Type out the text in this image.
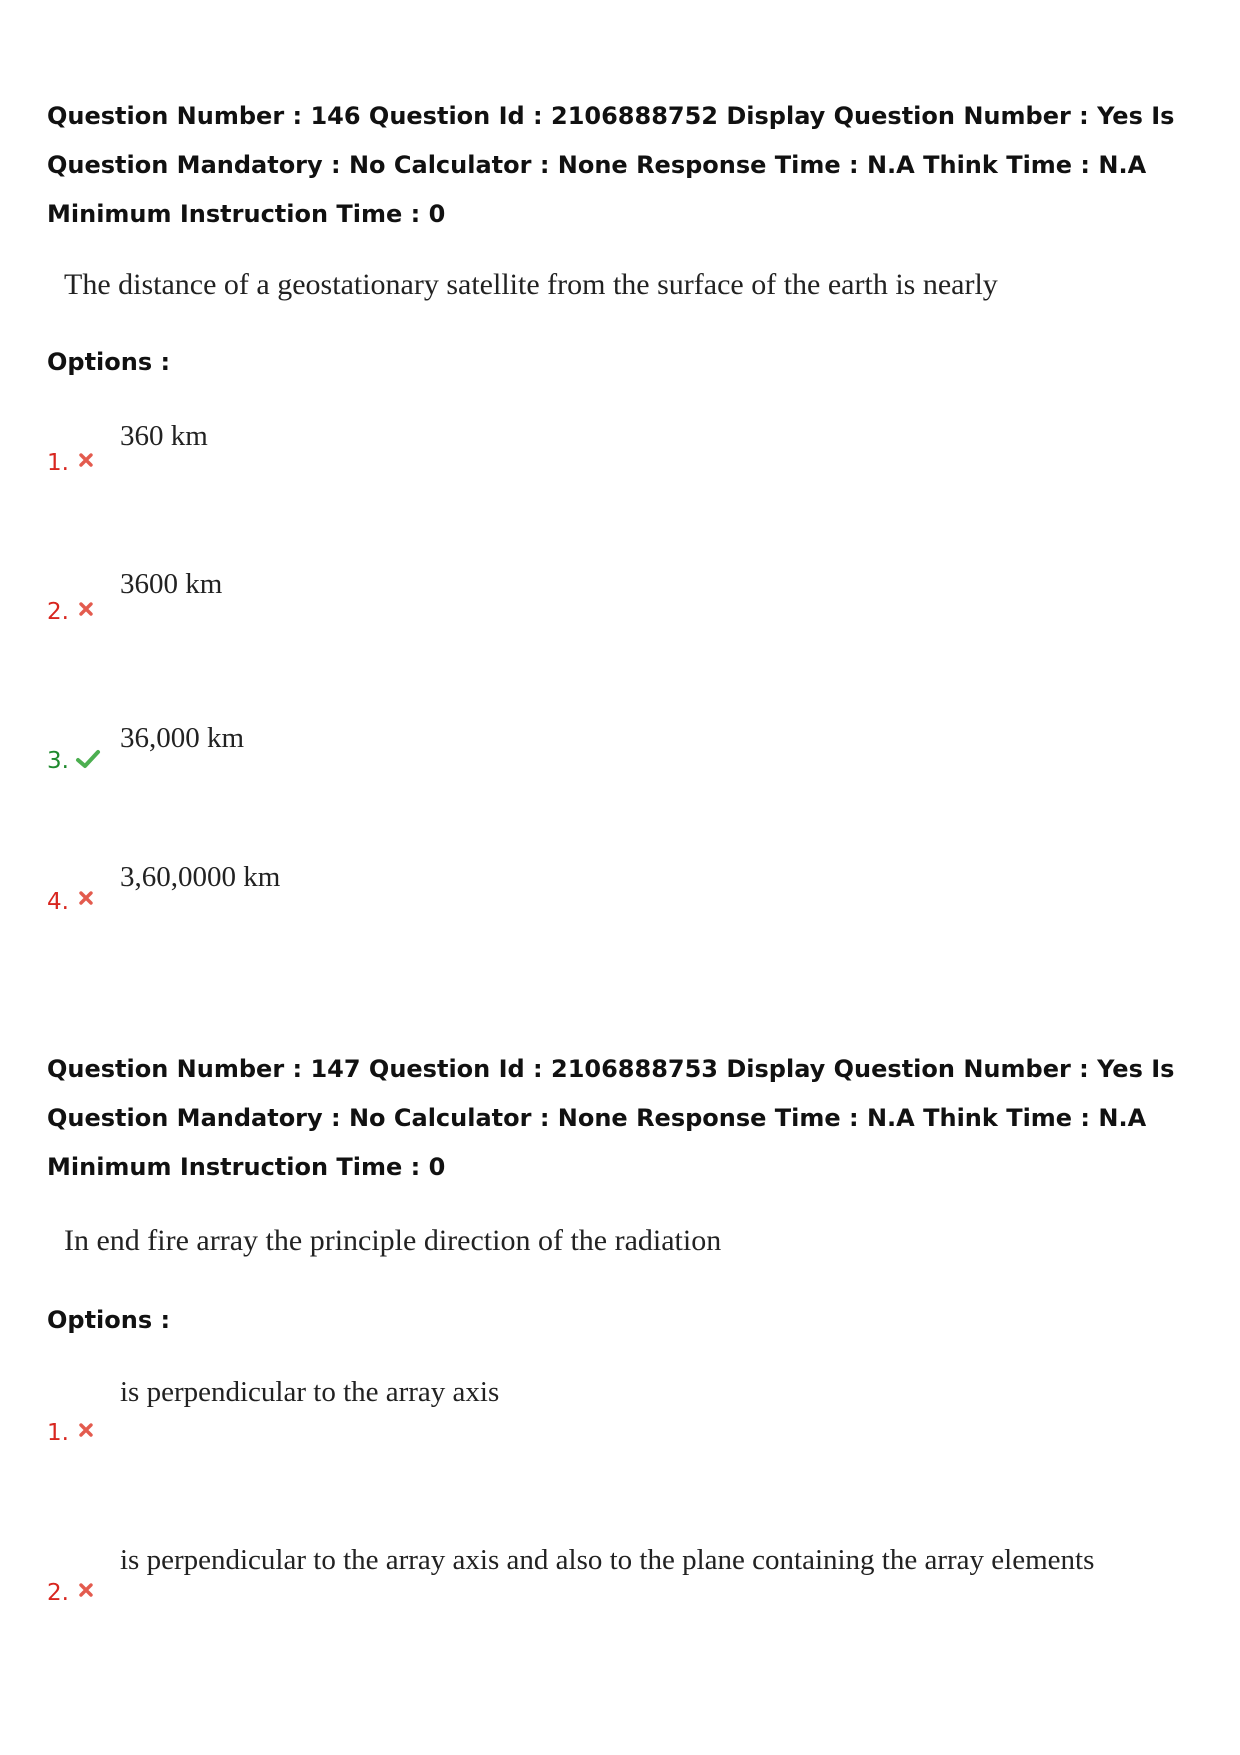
Question Number : 146 Question Id : 2106888752 Display Question Number : Yes Is Question Mandatory : No Calculator : None Response Time : N.A Think Time : N.A Minimum Instruction Time : 0
The distance of a geostationary satellite from the surface of the earth is nearly
Options :
1.
360 km
2.
3600 km
3.
36,000 km
4.
3,60,0000 km
Question Number : 147 Question Id : 2106888753 Display Question Number : Yes Is Question Mandatory : No Calculator : None Response Time : N.A Think Time : N.A Minimum Instruction Time : 0
In end fire array the principle direction of the radiation
Options :
1.
is perpendicular to the array axis
2.
is perpendicular to the array axis and also to the plane containing the array elements
